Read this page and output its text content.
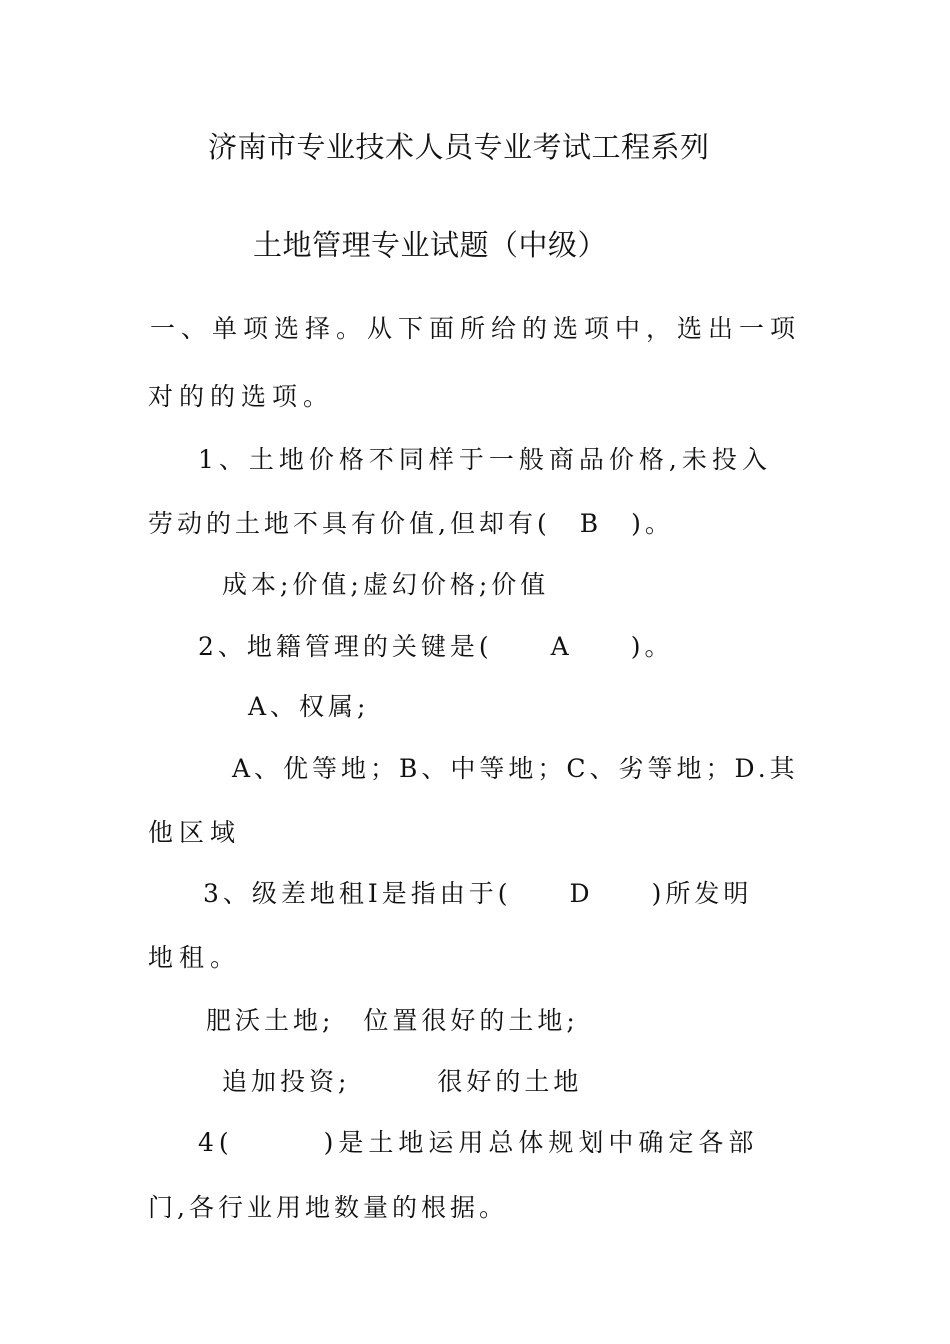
济南市专业技术人员专业考试工程系列
土地管理专业试题（中级）
一、单项选择。从下面所给的选项中，选出一项
对的的选项。
1、土地价格不同样于一般商品价格,未投入
劳动的土地不具有价值,但却有(　B　)。
成本;价值;虚幻价格;价值
2、地籍管理的关键是(　　A　　)。
A、权属;
A、优等地；B、中等地；C、劣等地；D.其
他区域
3、级差地租I是指由于(　　D　　)所发明
地租。
肥沃土地;　位置很好的土地;
追加投资;　　　很好的土地
4(　　　)是土地运用总体规划中确定各部
门,各行业用地数量的根据。
